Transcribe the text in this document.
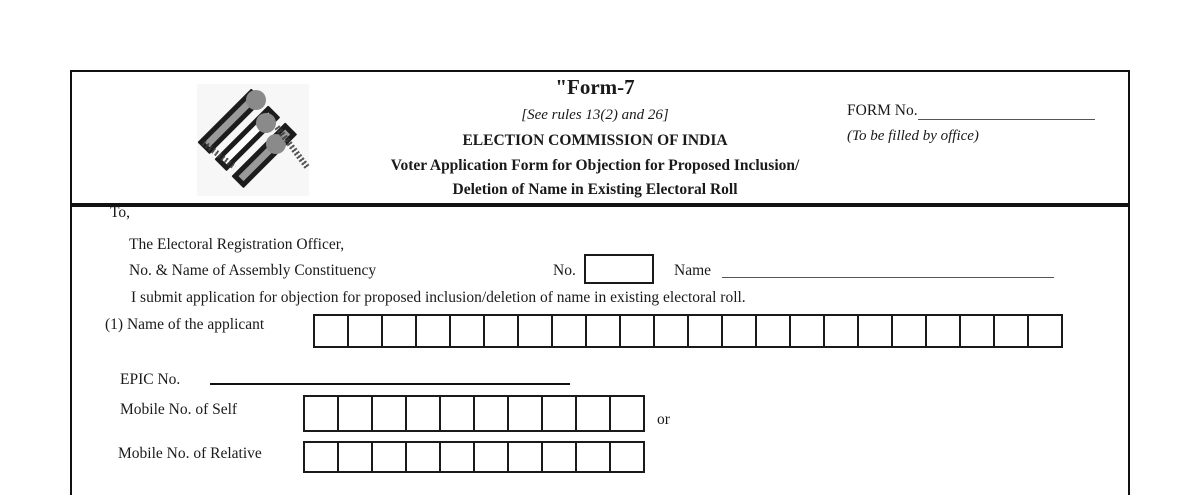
"Form-7
[See rules 13(2) and 26]
ELECTION COMMISSION OF INDIA
Voter Application Form for Objection for Proposed Inclusion/
Deletion of Name in Existing Electoral Roll
FORM No.
(To be filled by office)
To,
The Electoral Registration Officer,
No. & Name of Assembly Constituency	No.	Name
I submit application for objection for proposed inclusion/deletion of name in existing electoral roll.
(1) Name of the applicant
EPIC No.
Mobile No. of Self
or
Mobile No. of Relative
